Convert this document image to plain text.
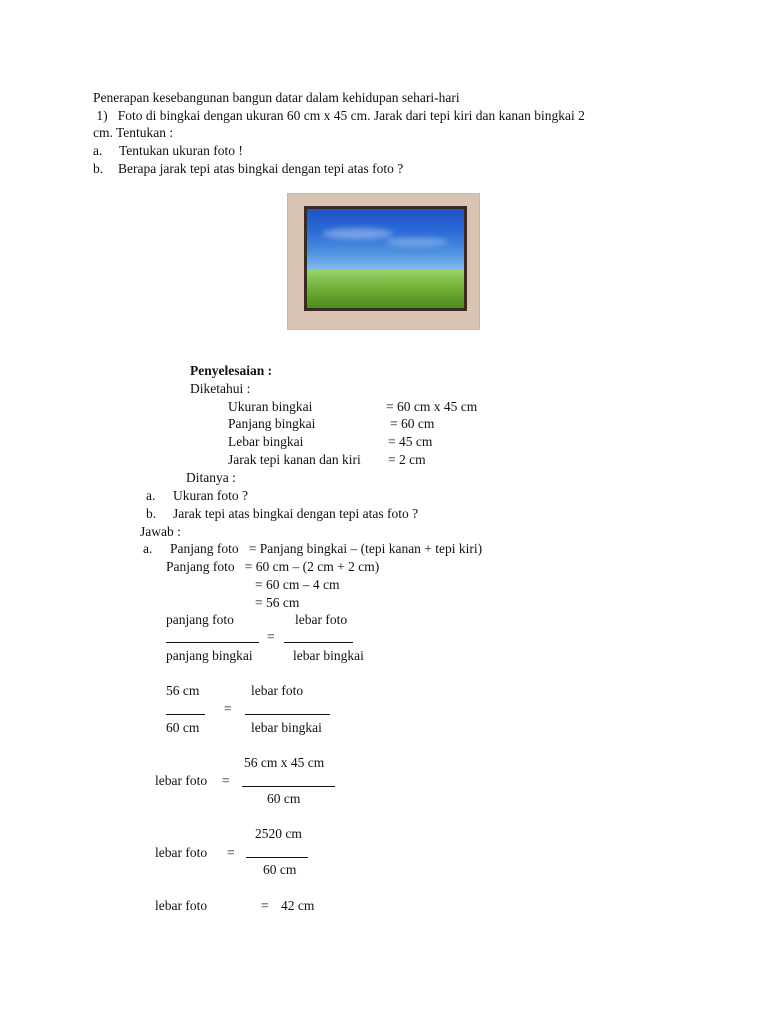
Penerapan kesebangunan bangun datar dalam kehidupan sehari-hari
1)   Foto di bingkai dengan ukuran 60 cm x 45 cm. Jarak dari tepi kiri dan kanan bingkai 2
cm. Tentukan :
a. Tentukan ukuran foto !
b. Berapa jarak tepi atas bingkai dengan tepi atas foto ?
Penyelesaian :
Diketahui :
Ukuran bingkai	= 60 cm x 45 cm
Panjang bingkai	= 60 cm
Lebar bingkai	= 45 cm
Jarak tepi kanan dan kiri = 2 cm
Ditanya :
a. Ukuran foto ?
b. Jarak tepi atas bingkai dengan tepi atas foto ?
Jawab :
a. Panjang foto   = Panjang bingkai – (tepi kanan + tepi kiri)
Panjang foto   = 60 cm – (2 cm + 2 cm)
= 60 cm – 4 cm
= 56 cm
panjang foto	lebar foto
=
panjang bingkai	lebar bingkai
56 cm	lebar foto
=
60 cm	lebar bingkai
56 cm x 45 cm
lebar foto =
60 cm
2520 cm
lebar foto =
60 cm
lebar foto	= 42 cm
